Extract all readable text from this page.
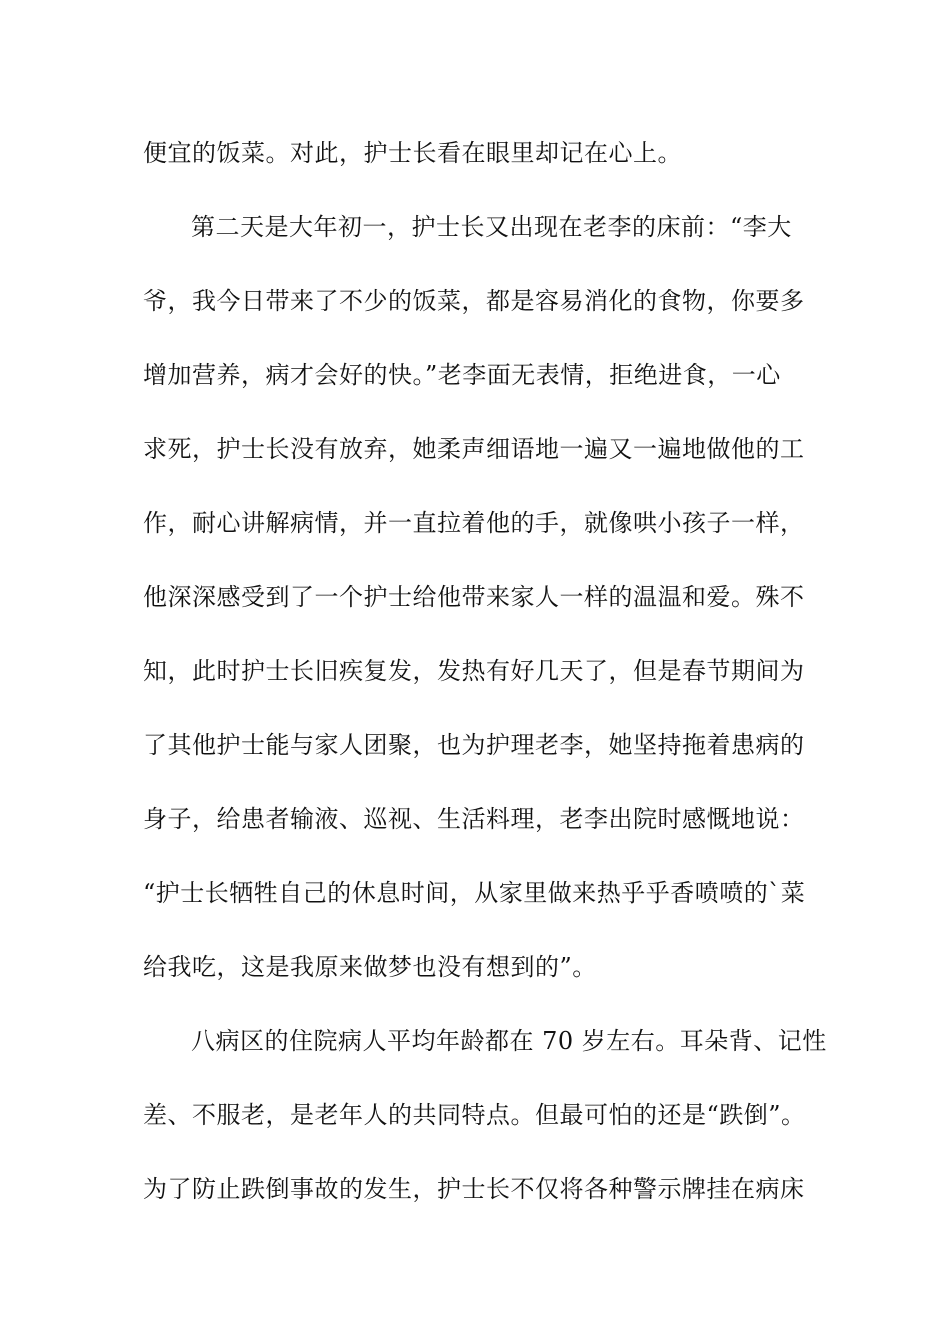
便宜的饭菜。对此，护士长看在眼里却记在心上。

第二天是大年初一，护士长又出现在老李的床前：“李大

爷，我今日带来了不少的饭菜，都是容易消化的食物，你要多

增加营养，病才会好的快。”老李面无表情，拒绝进食，一心

求死，护士长没有放弃，她柔声细语地一遍又一遍地做他的工

作，耐心讲解病情，并一直拉着他的手，就像哄小孩子一样，

他深深感受到了一个护士给他带来家人一样的温温和爱。殊不

知，此时护士长旧疾复发，发热有好几天了，但是春节期间为

了其他护士能与家人团聚，也为护理老李，她坚持拖着患病的

身子，给患者输液、巡视、生活料理，老李出院时感慨地说：

“护士长牺牲自己的休息时间，从家里做来热乎乎香喷喷的`菜

给我吃，这是我原来做梦也没有想到的”。

八病区的住院病人平均年龄都在 70 岁左右。耳朵背、记性

差、不服老，是老年人的共同特点。但最可怕的还是“跌倒”。

为了防止跌倒事故的发生，护士长不仅将各种警示牌挂在病床
